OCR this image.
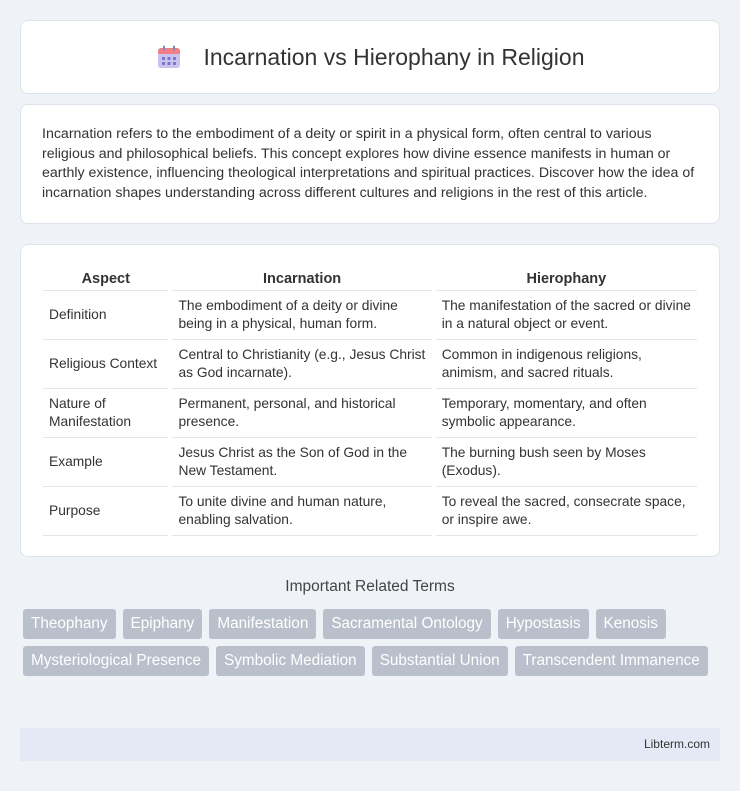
Incarnation vs Hierophany in Religion

Incarnation refers to the embodiment of a deity or spirit in a physical form, often central to various religious and philosophical beliefs. This concept explores how divine essence manifests in human or earthly existence, influencing theological interpretations and spiritual practices. Discover how the idea of incarnation shapes understanding across different cultures and religions in the rest of this article.

Aspect	Incarnation	Hierophany
Definition	The embodiment of a deity or divine being in a physical, human form.	The manifestation of the sacred or divine in a natural object or event.
Religious Context	Central to Christianity (e.g., Jesus Christ as God incarnate).	Common in indigenous religions, animism, and sacred rituals.
Nature of Manifestation	Permanent, personal, and historical presence.	Temporary, momentary, and often symbolic appearance.
Example	Jesus Christ as the Son of God in the New Testament.	The burning bush seen by Moses (Exodus).
Purpose	To unite divine and human nature, enabling salvation.	To reveal the sacred, consecrate space, or inspire awe.
Important Related Terms
Theophany	Epiphany	Manifestation	Sacramental Ontology	Hypostasis	Kenosis
Mysteriological Presence	Symbolic Mediation	Substantial Union	Transcendent Immanence
Libterm.com
